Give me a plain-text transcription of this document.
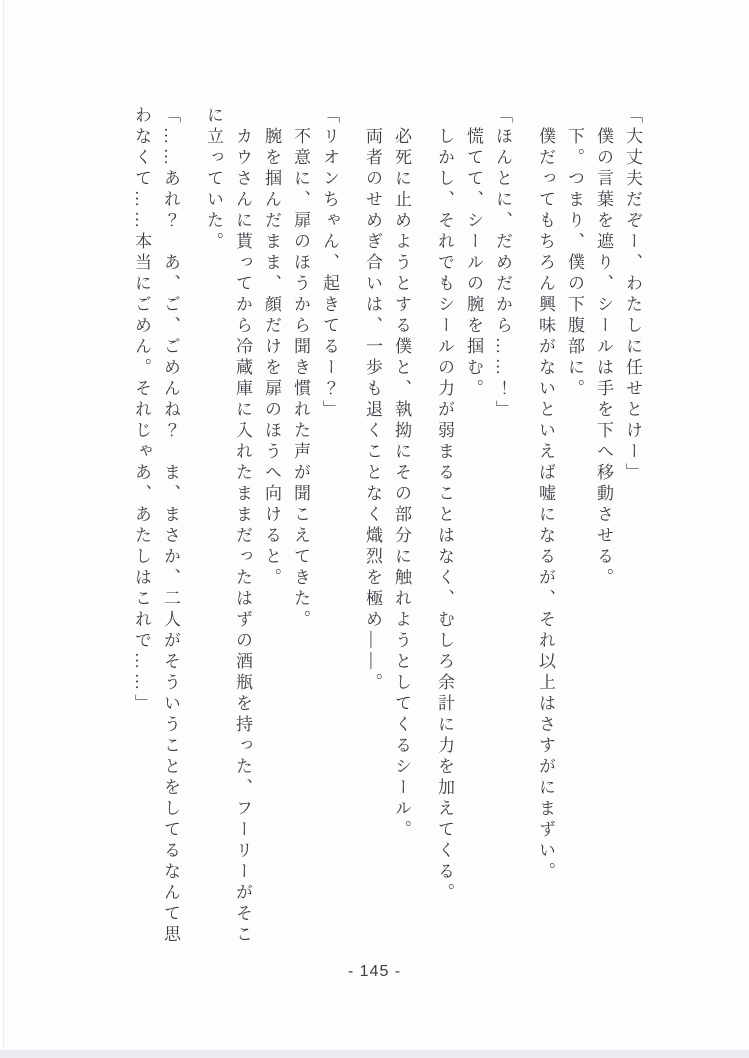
「大丈夫だぞー、わたしに任せとけー」

僕の言葉を遮り、シールは手を下へ移動させる。

下。つまり、僕の下腹部に。

僕だってもちろん興味がないといえば嘘になるが、それ以上はさすがにまずい。

「ほんとに、だめだから……！」

慌てて、シールの腕を掴む。

しかし、それでもシールの力が弱まることはなく、むしろ余計に力を加えてくる。

必死に止めようとする僕と、執拗にその部分に触れようとしてくるシール。

両者のせめぎ合いは、一歩も退くことなく熾烈を極め——。

「リオンちゃん、起きてるー？」

不意に、扉のほうから聞き慣れた声が聞こえてきた。

腕を掴んだまま、顔だけを扉のほうへ向けると。

カウさんに貰ってから冷蔵庫に入れたままだったはずの酒瓶を持った、フーリーがそこ

に立っていた。

「……あれ？　あ、ご、ごめんね？　ま、まさか、二人がそういうことをしてるなんて思

わなくて……本当にごめん。それじゃあ、あたしはこれで……」

- 145 -
